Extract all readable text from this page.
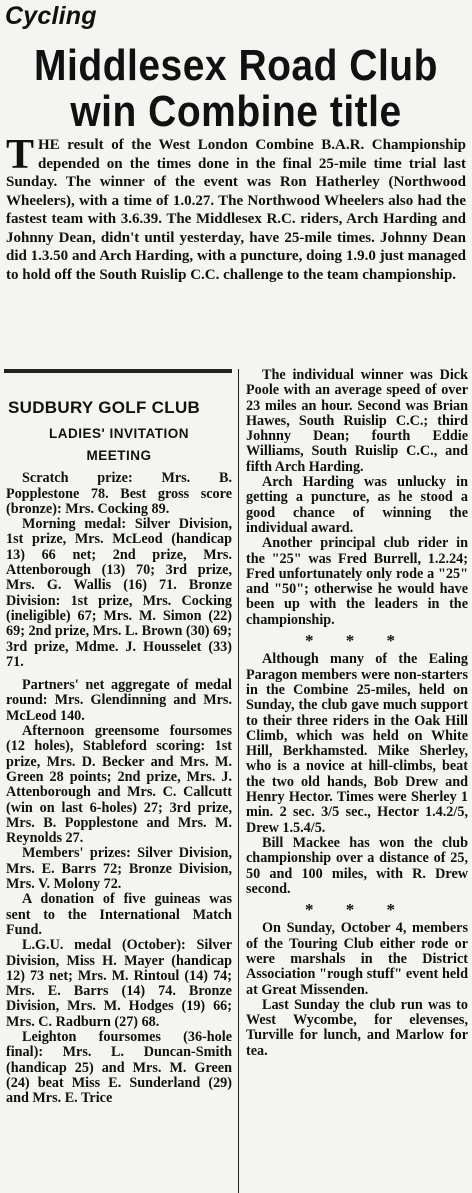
Cycling
Middlesex Road Club
win Combine title
THE result of the West London Combine B.A.R. Championship depended on the times done in the final 25-mile time trial last Sunday. The winner of the event was Ron Hatherley (Northwood Wheelers), with a time of 1.0.27. The Northwood Wheelers also had the fastest team with 3.6.39. The Middlesex R.C. riders, Arch Harding and Johnny Dean, didn't until yesterday, have 25-mile times. Johnny Dean did 1.3.50 and Arch Harding, with a puncture, doing 1.9.0 just managed to hold off the South Ruislip C.C. challenge to the team championship.
SUDBURY GOLF CLUB
LADIES' INVITATION
MEETING

Scratch prize: Mrs. B. Popplestone 78. Best gross score (bronze): Mrs. Cocking 89.

Morning medal: Silver Division, 1st prize, Mrs. McLeod (handicap 13) 66 net; 2nd prize, Mrs. Attenborough (13) 70; 3rd prize, Mrs. G. Wallis (16) 71. Bronze Division: 1st prize, Mrs. Cocking (ineligible) 67; Mrs. M. Simon (22) 69; 2nd prize, Mrs. L. Brown (30) 69; 3rd prize, Mdme. J. Housselet (33) 71.

Partners' net aggregate of medal round: Mrs. Glendinning and Mrs. McLeod 140.

Afternoon greensome foursomes (12 holes), Stableford scoring: 1st prize, Mrs. D. Becker and Mrs. M. Green 28 points; 2nd prize, Mrs. J. Attenborough and Mrs. C. Callcutt (win on last 6-holes) 27; 3rd prize, Mrs. B. Popplestone and Mrs. M. Reynolds 27.

Members' prizes: Silver Division, Mrs. E. Barrs 72; Bronze Division, Mrs. V. Molony 72.

A donation of five guineas was sent to the International Match Fund.

L.G.U. medal (October): Silver Division, Miss H. Mayer (handicap 12) 73 net; Mrs. M. Rintoul (14) 74; Mrs. E. Barrs (14) 74. Bronze Division, Mrs. M. Hodges (19) 66; Mrs. C. Radburn (27) 68.

Leighton foursomes (36-hole final): Mrs. L. Duncan-Smith (handicap 25) and Mrs. M. Green (24) beat Miss E. Sunderland (29) and Mrs. E. Trice

The individual winner was Dick Poole with an average speed of over 23 miles an hour. Second was Brian Hawes, South Ruislip C.C.; third Johnny Dean; fourth Eddie Williams, South Ruislip C.C., and fifth Arch Harding.

Arch Harding was unlucky in getting a puncture, as he stood a good chance of winning the individual award.

Another principal club rider in the "25" was Fred Burrell, 1.2.24; Fred unfortunately only rode a "25" and "50"; otherwise he would have been up with the leaders in the championship.

* * *

Although many of the Ealing Paragon members were non-starters in the Combine 25-miles, held on Sunday, the club gave much support to their three riders in the Oak Hill Climb, which was held on White Hill, Berkhamsted. Mike Sherley, who is a novice at hill-climbs, beat the two old hands, Bob Drew and Henry Hector. Times were Sherley 1 min. 2 sec. 3/5 sec., Hector 1.4.2/5, Drew 1.5.4/5.

Bill Mackee has won the club championship over a distance of 25, 50 and 100 miles, with R. Drew second.

* * *

On Sunday, October 4, members of the Touring Club either rode or were marshals in the District Association "rough stuff" event held at Great Missenden.

Last Sunday the club run was to West Wycombe, for elevenses, Turville for lunch, and Marlow for tea.
